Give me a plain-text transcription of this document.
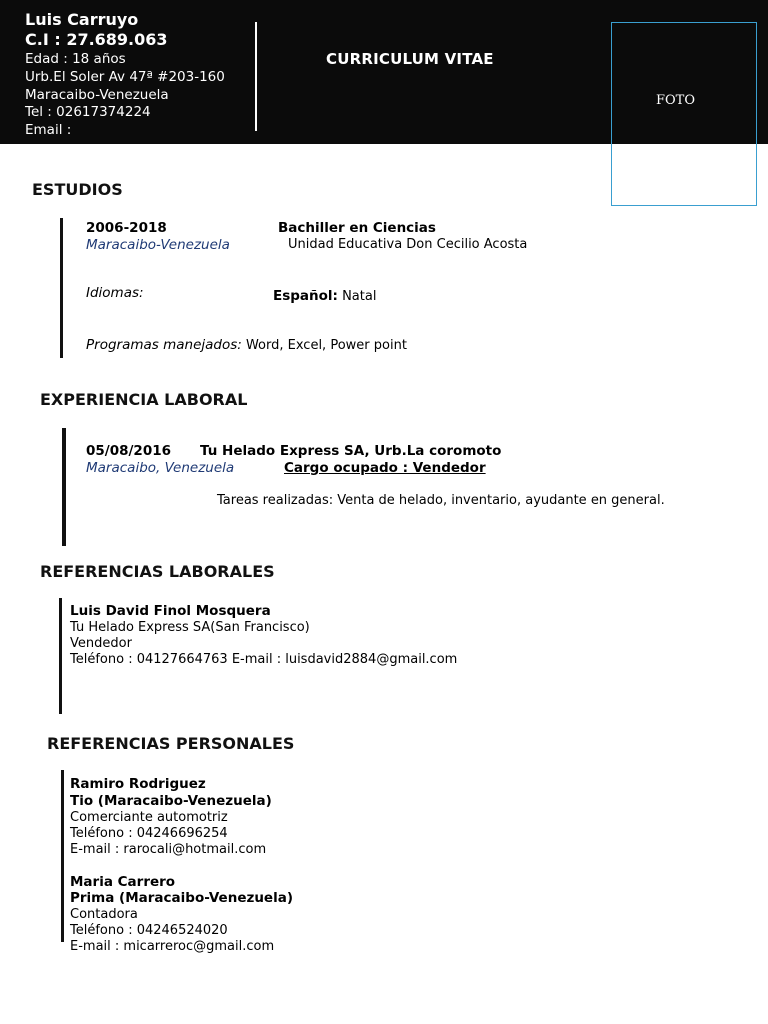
Luis Carruyo
C.I : 27.689.063
Edad : 18 años
Urb.El Soler Av 47ª #203-160
Maracaibo-Venezuela
Tel : 02617374224
Email :
CURRICULUM VITAE
FOTO
ESTUDIOS
2006-2018	Bachiller en Ciencias
Maracaibo-Venezuela	Unidad Educativa Don Cecilio Acosta
Idiomas:	Español: Natal
Programas manejados: Word, Excel, Power point
EXPERIENCIA LABORAL
05/08/2016 Tu Helado Express SA, Urb.La coromoto
Maracaibo, Venezuela	Cargo ocupado : Vendedor
Tareas realizadas: Venta de helado, inventario, ayudante en general.
REFERENCIAS LABORALES
Luis David Finol Mosquera
Tu Helado Express SA(San Francisco)
Vendedor
Teléfono : 04127664763 E-mail : luisdavid2884@gmail.com
REFERENCIAS PERSONALES
Ramiro Rodriguez
Tio (Maracaibo-Venezuela)
Comerciante automotriz
Teléfono : 04246696254
E-mail : rarocali@hotmail.com
Maria Carrero
Prima (Maracaibo-Venezuela)
Contadora
Teléfono : 04246524020
E-mail : micarreroc@gmail.com
